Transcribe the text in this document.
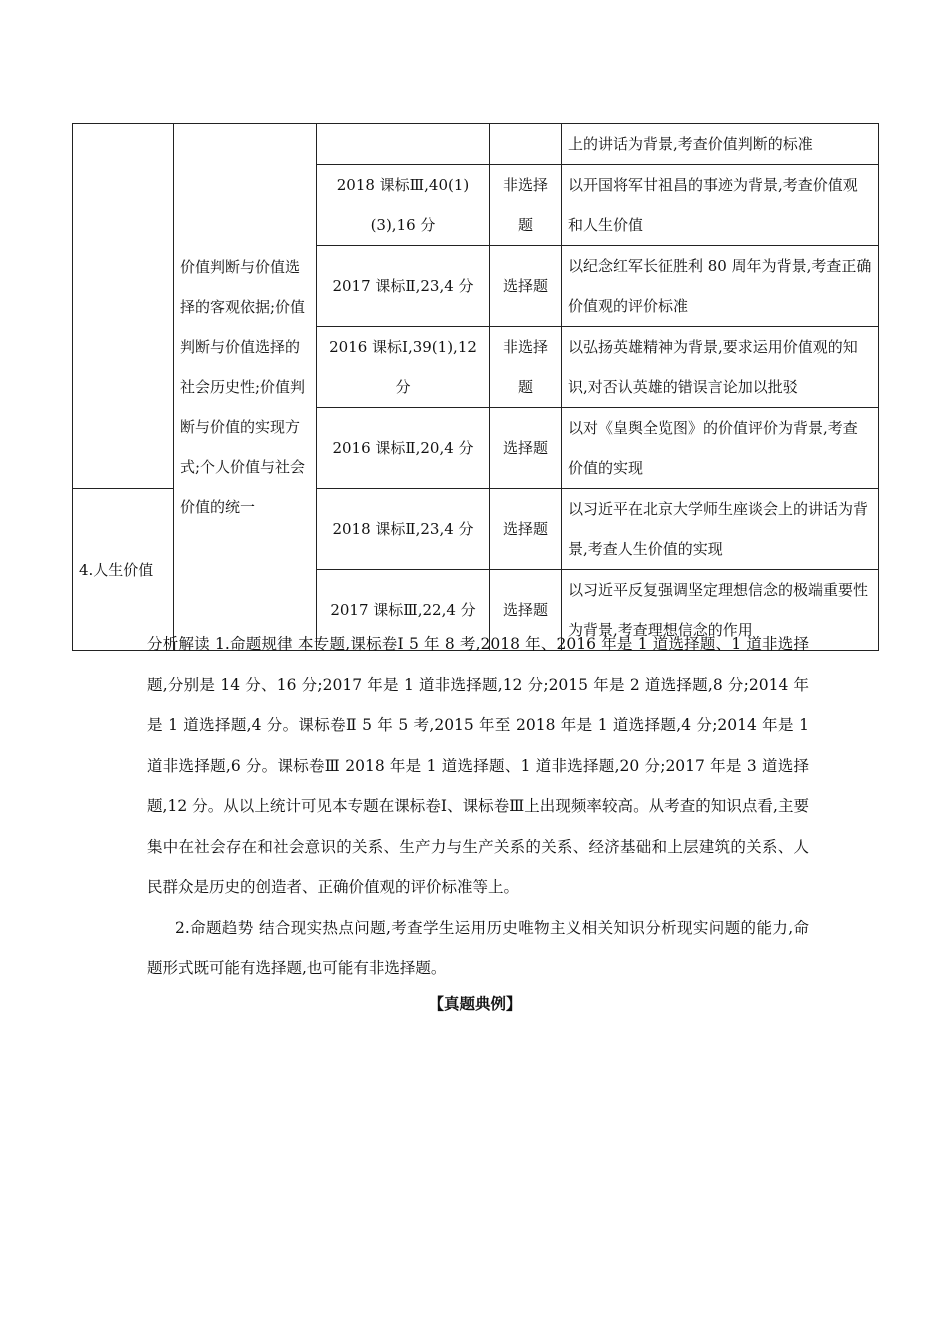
	价值判断与价值选择的客观依据;价值判断与价值选择的社会历史性;价值判断与价值的实现方式;个人价值与社会价值的统一			上的讲话为背景,考查价值判断的标准
		2018 课标Ⅲ,40(1)(3),16 分	非选择题	以开国将军甘祖昌的事迹为背景,考查价值观和人生价值
		2017 课标Ⅱ,23,4 分	选择题	以纪念红军长征胜利 80 周年为背景,考查正确价值观的评价标准
		2016 课标Ⅰ,39(1),12 分	非选择题	以弘扬英雄精神为背景,要求运用价值观的知识,对否认英雄的错误言论加以批驳
		2016 课标Ⅱ,20,4 分	选择题	以对《皇舆全览图》的价值评价为背景,考查价值的实现
4.人生价值		2018 课标Ⅱ,23,4 分	选择题	以习近平在北京大学师生座谈会上的讲话为背景,考查人生价值的实现
		2017 课标Ⅲ,22,4 分	选择题	以习近平反复强调坚定理想信念的极端重要性为背景,考查理想信念的作用

分析解读 1.命题规律 本专题,课标卷Ⅰ 5 年 8 考,2018 年、2016 年是 1 道选择题、1 道非选择题,分别是 14 分、16 分;2017 年是 1 道非选择题,12 分;2015 年是 2 道选择题,8 分;2014 年是 1 道选择题,4 分。课标卷Ⅱ 5 年 5 考,2015 年至 2018 年是 1 道选择题,4 分;2014 年是 1 道非选择题,6 分。课标卷Ⅲ 2018 年是 1 道选择题、1 道非选择题,20 分;2017 年是 3 道选择题,12 分。从以上统计可见本专题在课标卷Ⅰ、课标卷Ⅲ上出现频率较高。从考查的知识点看,主要集中在社会存在和社会意识的关系、生产力与生产关系的关系、经济基础和上层建筑的关系、人民群众是历史的创造者、正确价值观的评价标准等上。

2.命题趋势 结合现实热点问题,考查学生运用历史唯物主义相关知识分析现实问题的能力,命题形式既可能有选择题,也可能有非选择题。

【真题典例】
